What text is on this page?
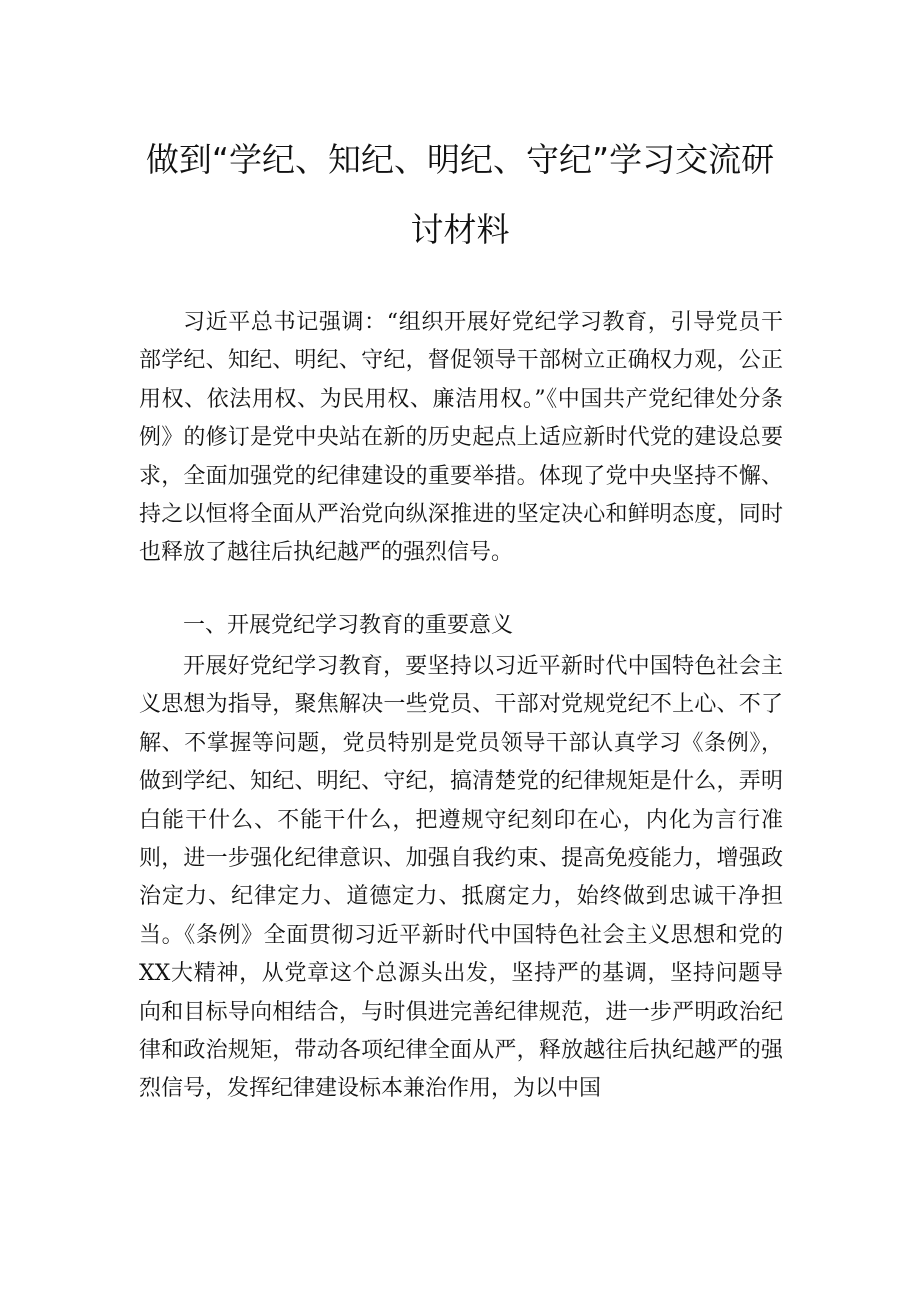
做到“学纪、知纪、明纪、守纪”学习交流研
讨材料

习近平总书记强调：“组织开展好党纪学习教育，引导党员干部学纪、知纪、明纪、守纪，督促领导干部树立正确权力观，公正用权、依法用权、为民用权、廉洁用权。”《中国共产党纪律处分条例》的修订是党中央站在新的历史起点上适应新时代党的建设总要求，全面加强党的纪律建设的重要举措。体现了党中央坚持不懈、持之以恒将全面从严治党向纵深推进的坚定决心和鲜明态度，同时也释放了越往后执纪越严的强烈信号。

一、开展党纪学习教育的重要意义

开展好党纪学习教育，要坚持以习近平新时代中国特色社会主义思想为指导，聚焦解决一些党员、干部对党规党纪不上心、不了解、不掌握等问题，党员特别是党员领导干部认真学习《条例》，做到学纪、知纪、明纪、守纪，搞清楚党的纪律规矩是什么，弄明白能干什么、不能干什么，把遵规守纪刻印在心，内化为言行准则，进一步强化纪律意识、加强自我约束、提高免疫能力，增强政治定力、纪律定力、道德定力、抵腐定力，始终做到忠诚干净担当。《条例》全面贯彻习近平新时代中国特色社会主义思想和党的XX大精神，从党章这个总源头出发，坚持严的基调，坚持问题导向和目标导向相结合，与时俱进完善纪律规范，进一步严明政治纪律和政治规矩，带动各项纪律全面从严，释放越往后执纪越严的强烈信号，发挥纪律建设标本兼治作用，为以中国
